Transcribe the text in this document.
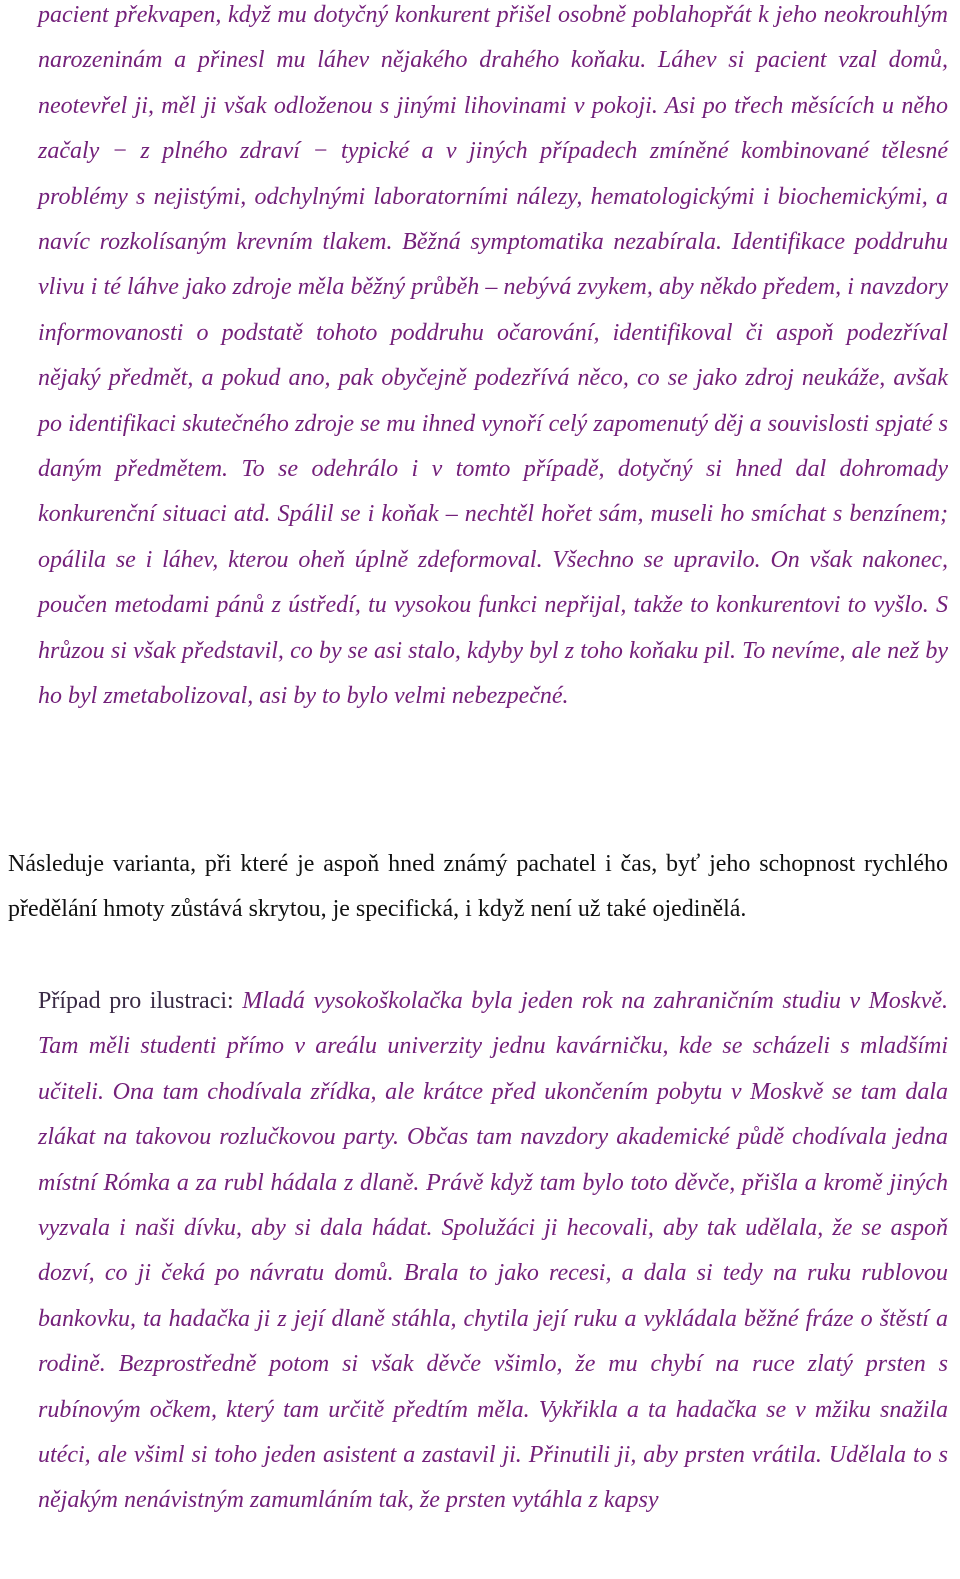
pacient překvapen, když mu dotyčný konkurent přišel osobně poblahopřát k jeho neokrouhlým narozeninám a přinesl mu láhev nějakého drahého koňaku. Láhev si pacient vzal domů, neotevřel ji, měl ji však odloženou s jinými lihovinami v pokoji. Asi po třech měsících u něho začaly − z plného zdraví − typické a v jiných případech zmíněné kombinované tělesné problémy s nejistými, odchylnými laboratorními nálezy, hematologickými i biochemickými, a navíc rozkolísaným krevním tlakem. Běžná symptomatika nezabírala. Identifikace poddruhu vlivu i té láhve jako zdroje měla běžný průběh – nebývá zvykem, aby někdo předem, i navzdory informovanosti o podstatě tohoto poddruhu očarování, identifikoval či aspoň podezříval nějaký předmět, a pokud ano, pak obyčejně podezřívá něco, co se jako zdroj neukáže, avšak po identifikaci skutečného zdroje se mu ihned vynoří celý zapomenutý děj a souvislosti spjaté s daným předmětem. To se odehrálo i v tomto případě, dotyčný si hned dal dohromady konkurenční situaci atd. Spálil se i koňak – nechtěl hořet sám, museli ho smíchat s benzínem; opálila se i láhev, kterou oheň úplně zdeformoval. Všechno se upravilo. On však nakonec, poučen metodami pánů z ústředí, tu vysokou funkci nepřijal, takže to konkurentovi to vyšlo. S hrůzou si však představil, co by se asi stalo, kdyby byl z toho koňaku pil. To nevíme, ale než by ho byl zmetabolizoval, asi by to bylo velmi nebezpečné.

Následuje varianta, při které je aspoň hned známý pachatel i čas, byť jeho schopnost rychlého předělání hmoty zůstává skrytou, je specifická, i když není už také ojedinělá.

Případ pro ilustraci: Mladá vysokoškolačka byla jeden rok na zahraničním studiu v Moskvě. Tam měli studenti přímo v areálu univerzity jednu kavárničku, kde se scházeli s mladšími učiteli. Ona tam chodívala zřídka, ale krátce před ukončením pobytu v Moskvě se tam dala zlákat na takovou rozlučkovou party. Občas tam navzdory akademické půdě chodívala jedna místní Rómka a za rubl hádala z dlaně. Právě když tam bylo toto děvče, přišla a kromě jiných vyzvala i naši dívku, aby si dala hádat. Spolužáci ji hecovali, aby tak udělala, že se aspoň dozví, co ji čeká po návratu domů. Brala to jako recesi, a dala si tedy na ruku rublovou bankovku, ta hadačka ji z její dlaně stáhla, chytila její ruku a vykládala běžné fráze o štěstí a rodině. Bezprostředně potom si však děvče všimlo, že mu chybí na ruce zlatý prsten s rubínovým očkem, který tam určitě předtím měla. Vykřikla a ta hadačka se v mžiku snažila utéci, ale všiml si toho jeden asistent a zastavil ji. Přinutili ji, aby prsten vrátila. Udělala to s nějakým nenávistným zamumláním tak, že prsten vytáhla z kapsy
